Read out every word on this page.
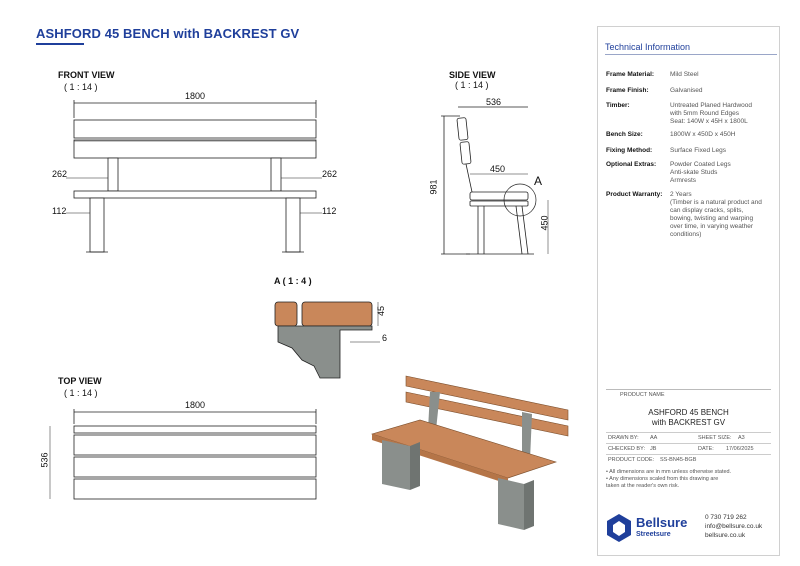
ASHFORD 45 BENCH with BACKREST GV
FRONT VIEW
( 1 : 14 )
SIDE VIEW
( 1 : 14 )
A ( 1 : 4 )
TOP VIEW
( 1 : 14 )
1800
262	262
112	112
536
981
450
450
A
45
6
1800
536
Technical Information
Frame Material:	Mild Steel
Frame Finish:	Galvanised
Timber:	Untreated Planed Hardwood
with 5mm Round Edges
Seat: 140W x 45H x 1800L
Bench Size:	1800W x 450D x 450H
Fixing Method:	Surface Fixed Legs
Optional Extras:	Powder Coated Legs
Anti-skate Studs
Armrests
Product Warranty:	2 Years
(Timber is a natural product and
can display cracks, splits,
bowing, twisting and warping
over time, in varying weather
conditions)
PRODUCT NAME
ASHFORD 45 BENCH
with BACKREST GV
DRAWN BY: AA	SHEET SIZE: A3
CHECKED BY: JB	DATE: 17/06/2025
PRODUCT CODE: SS-BN45-BGB
• All dimensions are in mm unless otherwise stated.
• Any dimensions scaled from this drawing are
taken at the reader's own risk.
Bellsure
Streetsure
0 730 719 262
info@bellsure.co.uk
bellsure.co.uk
